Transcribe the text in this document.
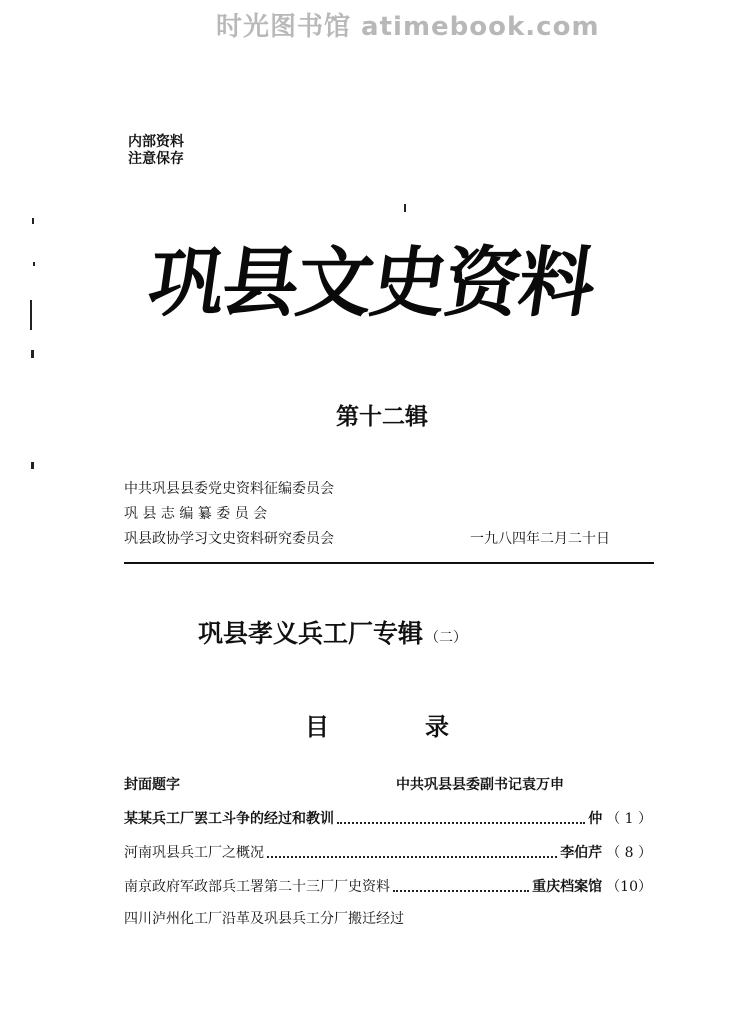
时光图书馆 atimebook.com
内部资料
注意保存
巩县文史资料
第十二辑
中共巩县县委党史资料征编委员会
巩 县 志 编 纂 委 员 会
巩县政协学习文史资料研究委员会	一九八四年二月二十日
巩县孝义兵工厂专辑 （二）
目录
封面题字	中共巩县县委副书记袁万申
某某兵工厂罢工斗争的经过和教训	仲 （ 1 ）
河南巩县兵工厂之概况	李伯芹 （ 8 ）
南京政府军政部兵工署第二十三厂厂史资料	重庆档案馆 （10）
四川泸州化工厂沿革及巩县兵工分厂搬迁经过
